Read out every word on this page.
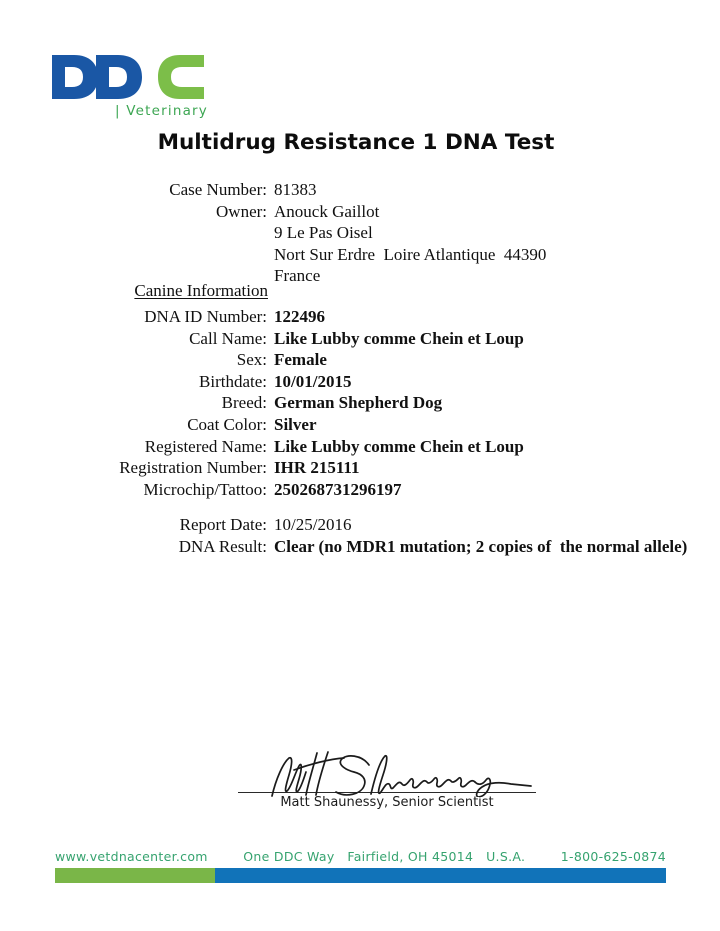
| Veterinary
Multidrug Resistance 1 DNA Test
Case Number: 81383
Owner: Anouck Gaillot
9 Le Pas Oisel
Nort Sur Erdre  Loire Atlantique  44390
France
Canine Information
DNA ID Number: 122496
Call Name: Like Lubby comme Chein et Loup
Sex: Female
Birthdate: 10/01/2015
Breed: German Shepherd Dog
Coat Color: Silver
Registered Name: Like Lubby comme Chein et Loup
Registration Number: IHR 215111
Microchip/Tattoo: 250268731296197
Report Date: 10/25/2016
DNA Result: Clear (no MDR1 mutation; 2 copies of  the normal allele)
Matt Shaunessy, Senior Scientist
www.vetdnacenter.com	One DDC Way   Fairfield, OH 45014   U.S.A.	1-800-625-0874
